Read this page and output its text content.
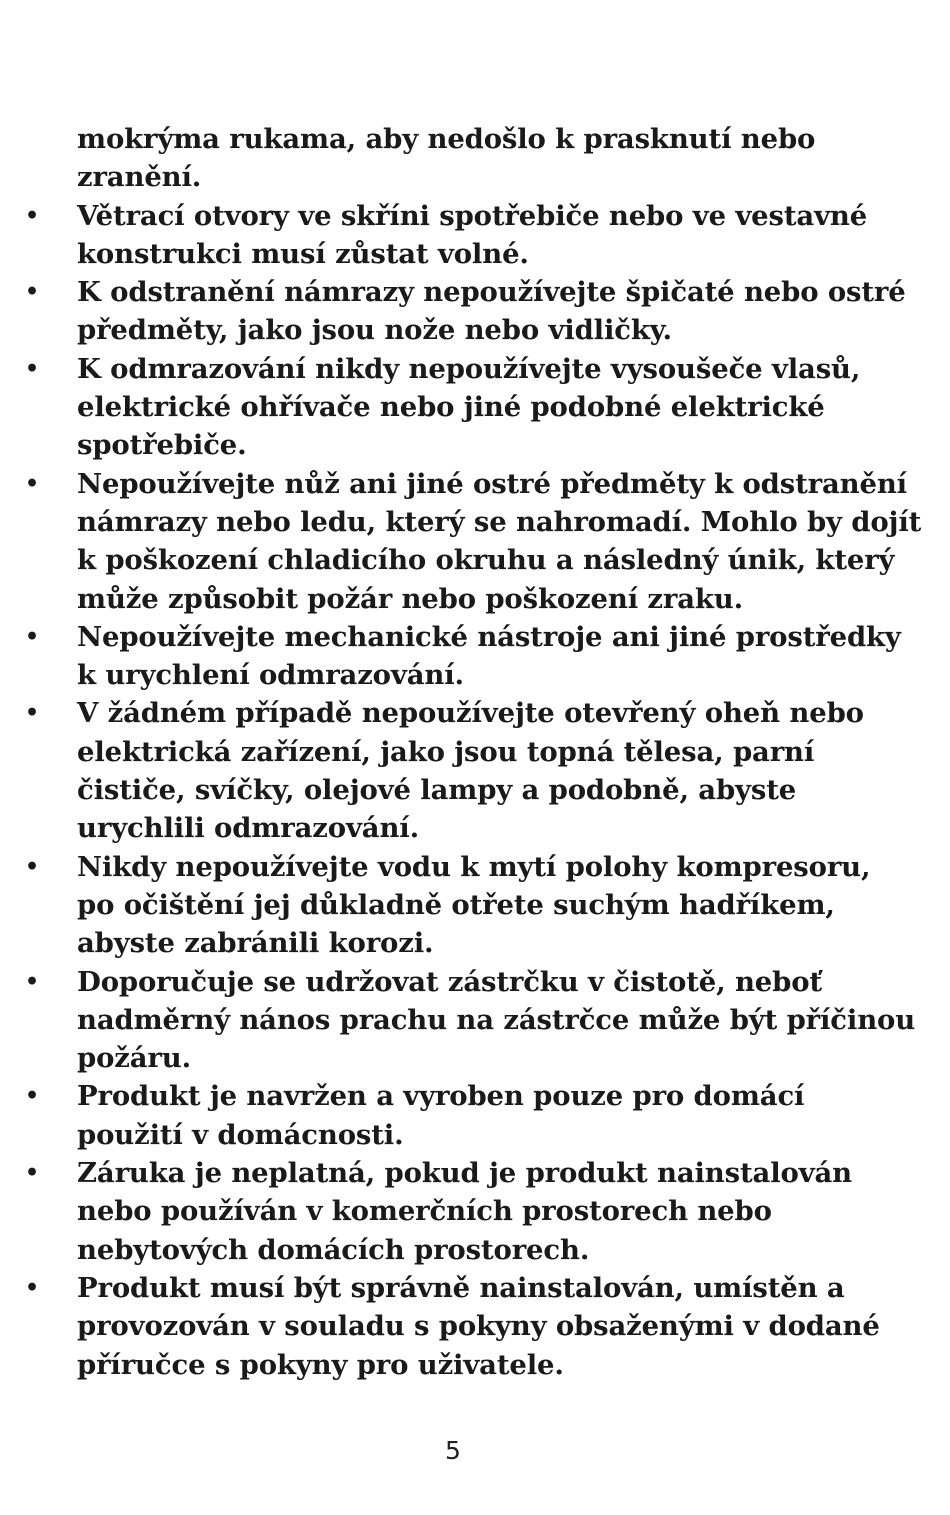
mokrýma rukama, aby nedošlo k prasknutí nebo
zranění.
• Větrací otvory ve skříni spotřebiče nebo ve vestavné
konstrukci musí zůstat volné.
• K odstranění námrazy nepoužívejte špičaté nebo ostré
předměty, jako jsou nože nebo vidličky.
• K odmrazování nikdy nepoužívejte vysoušeče vlasů,
elektrické ohřívače nebo jiné podobné elektrické
spotřebiče.
• Nepoužívejte nůž ani jiné ostré předměty k odstranění
námrazy nebo ledu, který se nahromadí. Mohlo by dojít
k poškození chladicího okruhu a následný únik, který
může způsobit požár nebo poškození zraku.
• Nepoužívejte mechanické nástroje ani jiné prostředky
k urychlení odmrazování.
• V žádném případě nepoužívejte otevřený oheň nebo
elektrická zařízení, jako jsou topná tělesa, parní
čističe, svíčky, olejové lampy a podobně, abyste
urychlili odmrazování.
• Nikdy nepoužívejte vodu k mytí polohy kompresoru,
po očištění jej důkladně otřete suchým hadříkem,
abyste zabránili korozi.
• Doporučuje se udržovat zástrčku v čistotě, neboť
nadměrný nános prachu na zástrčce může být příčinou
požáru.
• Produkt je navržen a vyroben pouze pro domácí
použití v domácnosti.
• Záruka je neplatná, pokud je produkt nainstalován
nebo používán v komerčních prostorech nebo
nebytových domácích prostorech.
• Produkt musí být správně nainstalován, umístěn a
provozován v souladu s pokyny obsaženými v dodané
příručce s pokyny pro uživatele.
5
